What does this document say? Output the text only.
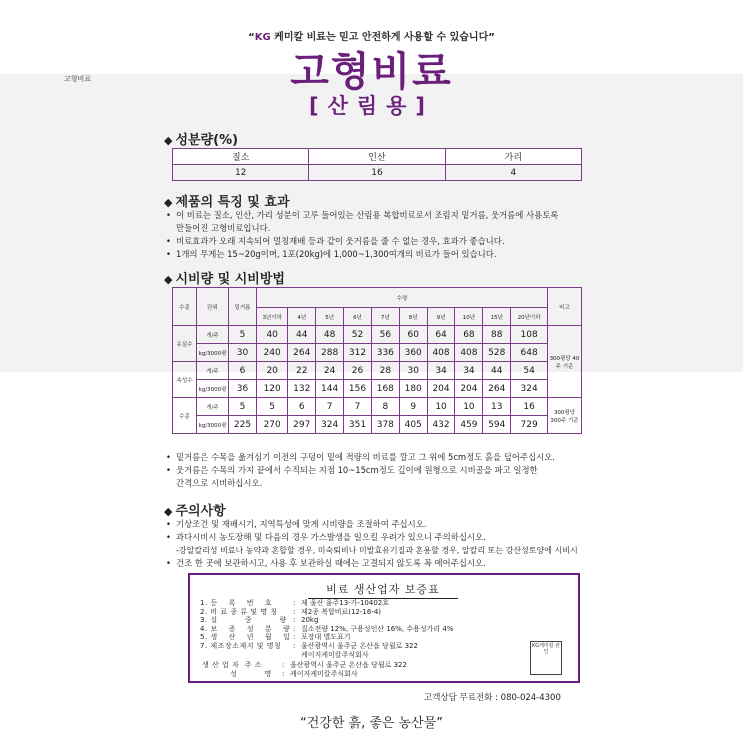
고형비료
“KG 케미칼 비료는 믿고 안전하게 사용할 수 있습니다”
고형비료
[산림용]
◆ 성분량(%)
질소	인산	가리
12	16	4
◆ 제품의 특징 및 효과
• 이 비료는 질소, 인산, 가리 성분이 고루 들어있는 산림용 복합비료로서 조림지 밑거름, 웃거름에 사용토록
만들어진 고형비료입니다.
• 비료효과가 오래 지속되어 멀칭재배 등과 같이 웃거름을 줄 수 없는 경우, 효과가 좋습니다.
• 1개의 무게는 15~20g이며, 1포(20kg)에 1,000~1,300여개의 비료가 들어 있습니다.
◆ 시비량 및 시비방법
수종	단위	밑거름	수령										비고
			3년이하	4년	5년	6년	7년	8년	9년	10년	15년	20년이하	
유실수	개/주	5	40	44	48	52	56	60	64	68	88	108	300평당 40주 기준
	kg/3000평	30	240	264	288	312	336	360	408	408	528	648	
속성수	개/주	6	20	22	24	26	28	30	34	34	44	54	
	kg/3000평	36	120	132	144	156	168	180	204	204	264	324	
수종	개/주	5	5	6	7	7	8	9	10	10	13	16	300평당 300주 기준
	kg/3000평	225	270	297	324	351	378	405	432	459	594	729	
• 밑거름은 수목을 옮겨심기 이전의 구덩이 밑에 적량의 비료를 깔고 그 위에 5cm정도 흙을 덮어주십시오.
• 웃거름은 수목의 가지 끝에서 수직되는 지점 10~15cm정도 깊이에 원형으로 시비골을 파고 일정한
간격으로 시비하십시오.
◆ 주의사항
• 기상조건 및 재배시기, 지역특성에 맞게 시비량을 조절하여 주십시오.
• 과다시비시 농도장해 및 다음의 경우 가스발생을 일으킬 우려가 있으니 주의하십시오.
-강알칼리성 비료나 농약과 혼합할 경우, 미숙퇴비나 미발효유기질과 혼용할 경우, 알칼리 또는 강산성토양에 시비시
• 건조 한 곳에 보관하시고, 사용 후 보관하실 때에는 고결되지 않도록 꼭 메어주십시오.
비료 생산업자 보증표
1. 등    록    번    호	: 제 울산 울주13-가-10402호
2. 비 료 종 류 및 명 칭	: 제2종 복합비료(12-16-4)
3. 실          중          량 : 20kg
4. 보    증    성    분    량 : 질소전량 12%, 구용성인산 16%, 수용성가리 4%
5. 생    산    년    월    일 : 포장대 별도표기
7. 제조장소재지 및 명칭	: 울산광역시 울주군 온산읍 당월로 322
케이지케미칼주식회사
생 산 업 자  주 소	: 울산광역시 울주군 온산읍 당월로 322
성          명	: 케이지케미칼주식회사
KG케미칼 관인
고객상담 무료전화 : 080-024-4300
“건강한 흙, 좋은 농산물”
